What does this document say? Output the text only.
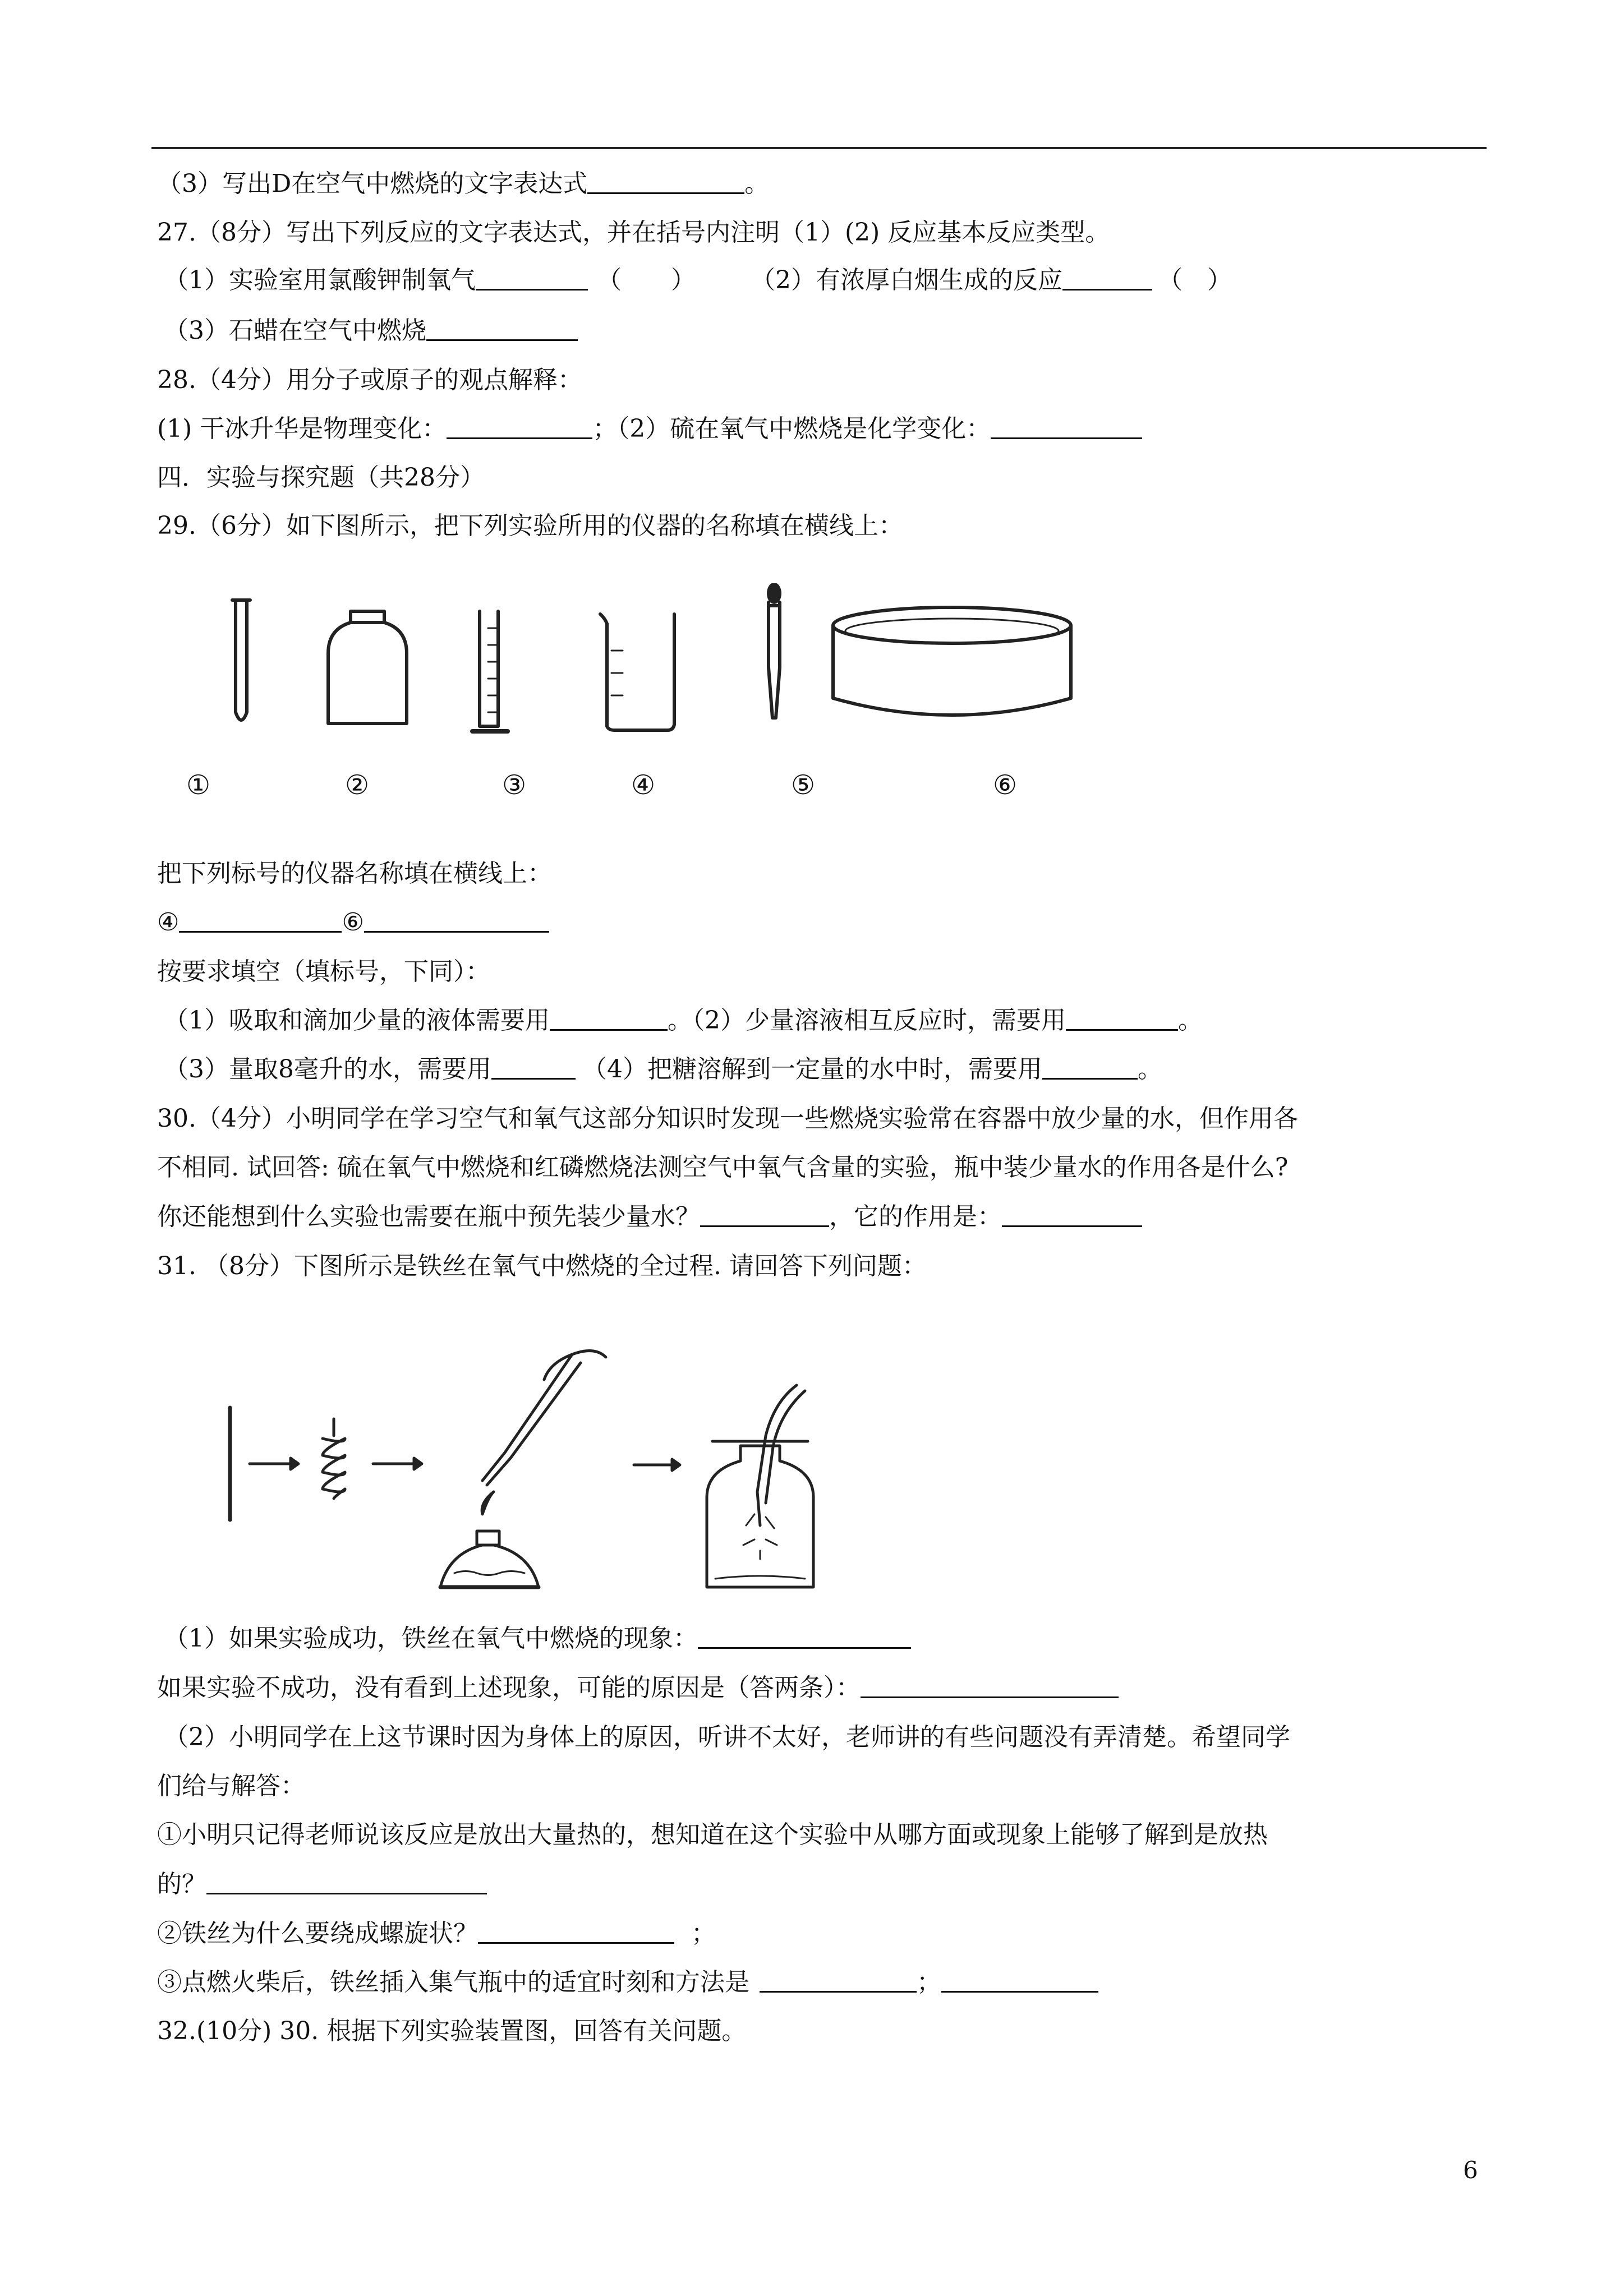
（3）写出D在空气中燃烧的文字表达式	。
27.（8分）写出下列反应的文字表达式，并在括号内注明（1）(2) 反应基本反应类型。
（1）实验室用氯酸钾制氧气	（　　）	（2）有浓厚白烟生成的反应	（　）
（3）石蜡在空气中燃烧
28.（4分）用分子或原子的观点解释：
(1) 干冰升华是物理变化：	；（2）硫在氧气中燃烧是化学变化：
四．实验与探究题（共28分）
29.（6分）如下图所示，把下列实验所用的仪器的名称填在横线上：
①	②	③	④	⑤	⑥
把下列标号的仪器名称填在横线上：
④	⑥
按要求填空（填标号，下同）：
（1）吸取和滴加少量的液体需要用	。（2）少量溶液相互反应时，需要用	。
（3）量取8毫升的水，需要用	（4）把糖溶解到一定量的水中时，需要用	。
30.（4分）小明同学在学习空气和氧气这部分知识时发现一些燃烧实验常在容器中放少量的水，但作用各
不相同. 试回答: 硫在氧气中燃烧和红磷燃烧法测空气中氧气含量的实验，瓶中装少量水的作用各是什么?
你还能想到什么实验也需要在瓶中预先装少量水？	，它的作用是：
31. （8分）下图所示是铁丝在氧气中燃烧的全过程. 请回答下列问题：
（1）如果实验成功，铁丝在氧气中燃烧的现象：
如果实验不成功，没有看到上述现象，可能的原因是（答两条）：
（2）小明同学在上这节课时因为身体上的原因，听讲不太好，老师讲的有些问题没有弄清楚。希望同学
们给与解答：
①小明只记得老师说该反应是放出大量热的，想知道在这个实验中从哪方面或现象上能够了解到是放热
的？
②铁丝为什么要绕成螺旋状？	；
③点燃火柴后，铁丝插入集气瓶中的适宜时刻和方法是	；
32.(10分) 30. 根据下列实验装置图，回答有关问题。
6
